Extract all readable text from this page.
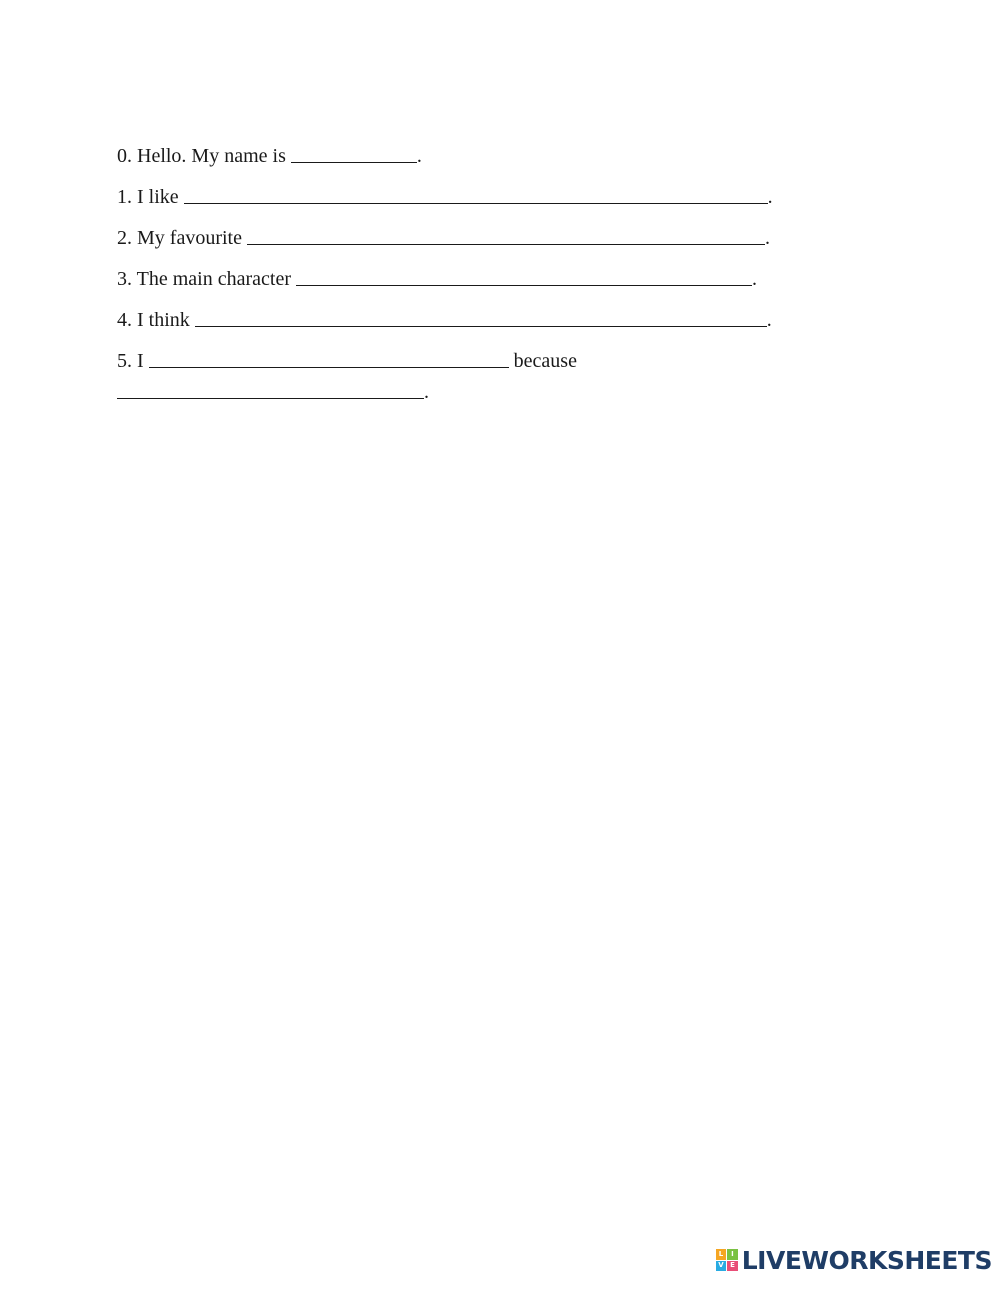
0. Hello. My name is	.
1. I like	.
2. My favourite	.
3. The main character	.
4. I think	.
5. I	because
.
L	I
V E LIVEWORKSHEETS
